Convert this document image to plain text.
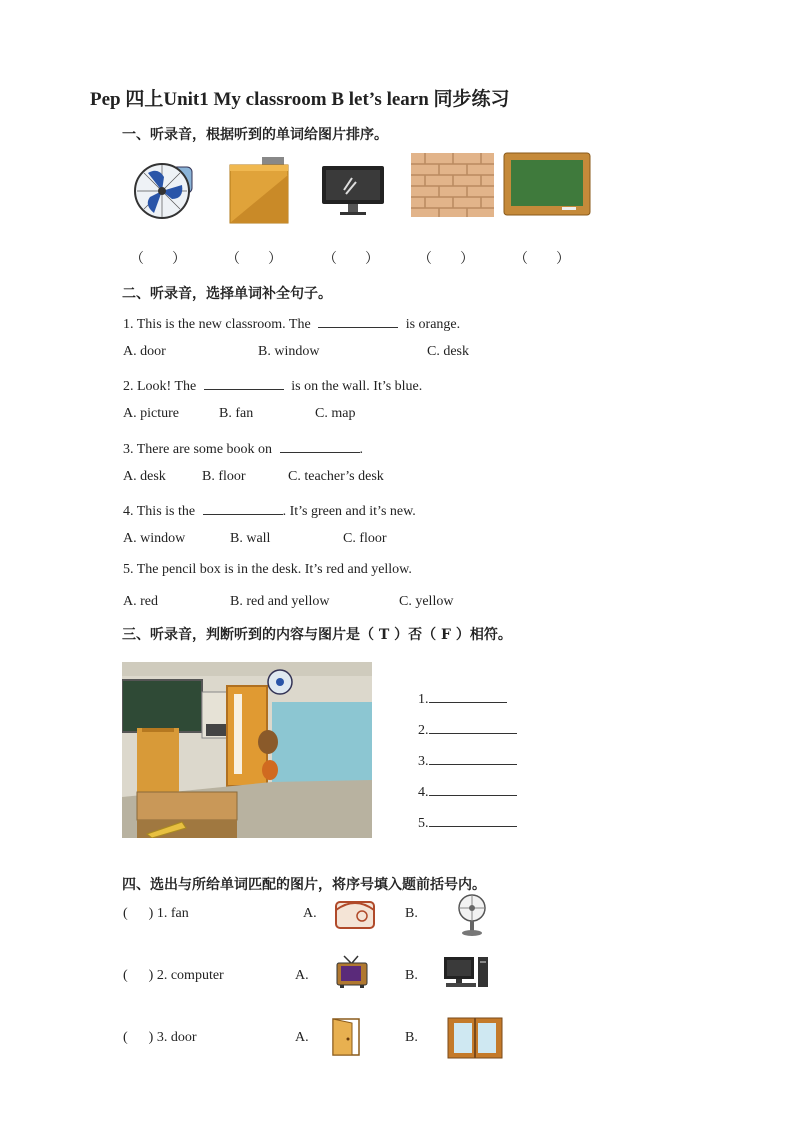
Pep 四上Unit1 My classroom B let’s learn 同步练习
一、听录音，根据听到的单词给图片排序。
（        ）	（        ）	（        ）	（        ）	（        ）
二、听录音，选择单词补全句子。
1. This is the new classroom. The	is orange.
A. door	B. window	C. desk
2. Look! The	is on the wall. It’s blue.
A. picture	B. fan	C. map
3. There are some book on	.
A. desk	B. floor	C. teacher’s desk
4. This is the	. It’s green and it’s new.
A. window	B. wall	C. floor
5. The pencil box is in the desk. It’s red and yellow.
A. red	B. red and yellow	C. yellow
三、听录音，判断听到的内容与图片是（ T ）否（ F ）相符。
1.
2.
3.
4.
5.
四、选出与所给单词匹配的图片，将序号填入题前括号内。
( ) 1. fan	A.	B.
( ) 2. computer	A.	B.
( ) 3. door	A.	B.
